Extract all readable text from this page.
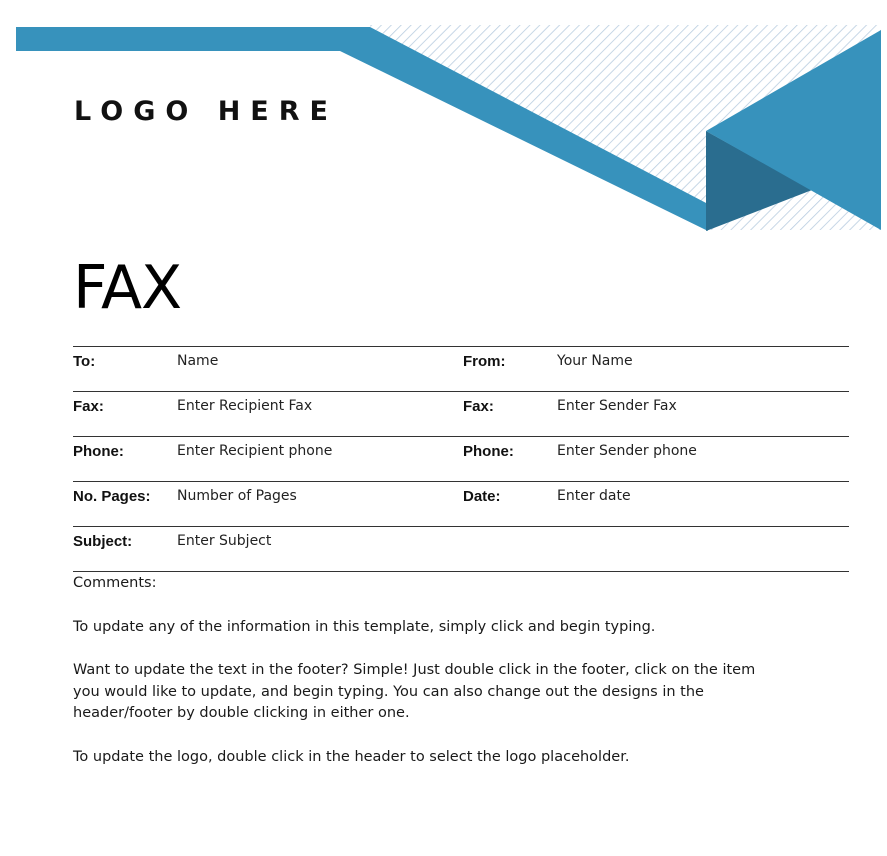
LOGO HERE
FAX
To:	Name	From:	Your Name
Fax:	Enter Recipient Fax	Fax:	Enter Sender Fax
Phone:	Enter Recipient phone	Phone:	Enter Sender phone
No. Pages: Number of Pages	Date:	Enter date
Subject:	Enter Subject

Comments:

To update any of the information in this template, simply click and begin typing.

Want to update the text in the footer? Simple! Just double click in the footer, click on the item
you would like to update, and begin typing. You can also change out the designs in the
header/footer by double clicking in either one.

To update the logo, double click in the header to select the logo placeholder.
